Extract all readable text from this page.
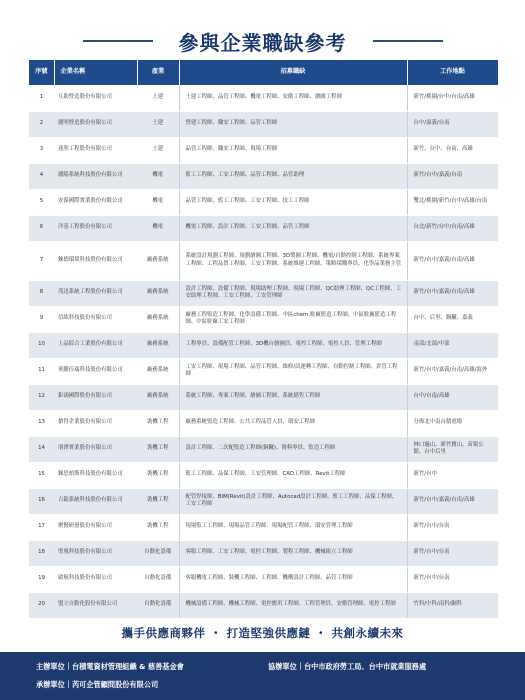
參與企業職缺參考
序號	企業名稱	產業	招募職缺	工作地點
1	互助營造股份有限公司	土建	土建工程師、品管工程師、機電工程師、安衛工程師、繪圖工程師	新竹/桃園/台中/台南/高雄
2	麗明營造股份有限公司	土建	營建工程師、職安工程師、品管工程師	台中/嘉義/台南
3	達欣工程股份有限公司	土建	品管工程師、職安工程師、現場工程師	新竹、台中、台南、高雄
4	麗陽系統科技股份有限公司	機電	監工工程師、工安工程師、品管工程師、品管助理	新竹/台中/嘉義/台南
5	安葆國際實業股份有限公司	機電	品管工程師、監工工程師、工安工程師、技工工程師	雙北/桃園/新竹/台中/高雄/台南
6	洋基工程股份有限公司	機電	機電工程師、設計工程師、工安工程師、品管工程師	台北/新竹/台中/台南/高雄
7	錸德環境科技股份有限公司	廠務系統	系統設計規劃工程師、規劃繪圖工程師、3D製圖工程師、機電/自動控制工程師、系統專案工程師、工程品質工程師、工安工程師、系統維運工程師、策略採購專員、化學品業務主管	新竹/台中/嘉義/台南/高雄
8	茂迅系統工程股份有限公司	廠務系統	設計工程師、設備工程師、現場助理工程師、現場工程師、QC助理工程師、QC工程師、工安助理工程師、工安工程師、工安管理師	新竹/台中/嘉義/台南/高雄
9	信紘科技股份有限公司	廠務系統	廠務工程監造工程師、化學設備工程師、中區chem.駐廠監造工程師、中區駐廠監造工程師、中區駐廠工安工程師	台中、后里、銅鑼、嘉義
10	上品綜合工業股份有限公司	廠務系統	工程專員、設備配管工程師、3D機台繪圖員、電控工程師、電控人員、管理工程師	南部/北部/中部
11	奧騰佳瑞科技股份有限公司	廠務系統	工安工程師、現場工程師、品管工程師、維修/試運轉工程師、自動控制工程師、倉管工程師	新竹/台中/嘉義/台南/高雄/海外
12	鉅鴻國際股份有限公司	廠務系統	系統工程師、專案工程師、繪圖工程師、系統銷售工程師	台中/台南/高雄
13	搶得企業股份有限公司	裝機工程	廠務系統監造工程師、公共工程品管人員、環安工程師	分佈北中南台積電場
14	朋澤實業股份有限公司	裝機工程	設計工程師、二次配監造工程師(銅鑼)、資料專員、監造工程師	林口龜山、新竹寶山、苗栗公館、台中后里
15	錸思柏斯科技股份有限公司	裝機工程	監工工程師、品保工程師、工安管理師、CAD工程師、Revit工程師	新竹/台中
16	吉鋐系統科技股份有限公司	裝機工程	配管焊接師、BIM(Revit)設計工程師、Autocad設計工程師、監工工程師、品保工程師、工安工程師	新竹/台中/嘉義/台南/高雄
17	聚賢研發股份有限公司	裝機工程	現場監工工程師、現場品管工程師、現場配管工程師、環安管理工程師	新竹/台中/台南
18	聖凰科技股份有限公司	自動化設備	客服工程師、工安工程師、電控工程師、製程工程師、機械組立工程師	新竹/台中/台南
19	啟航科技股份有限公司	自動化設備	客服機電工程師、裝機工程師、工程師、機構設計工程師、品管工程師	新竹/台中/台南
20	盟立自動化股份有限公司	自動化設備	機械設備工程師、機械工程師、電控應用工程師、工程管理員、安衛管理師、電控工程師	竹科/中科/南科/銅科
攜手供應商夥伴 ・ 打造堅強供應鏈 ・ 共創永續未來
主辦單位｜台積電資材管理組織 & 慈善基金會	協辦單位｜台中市政府勞工局、台中市就業服務處
承辦單位｜芮可企管顧問股份有限公司
